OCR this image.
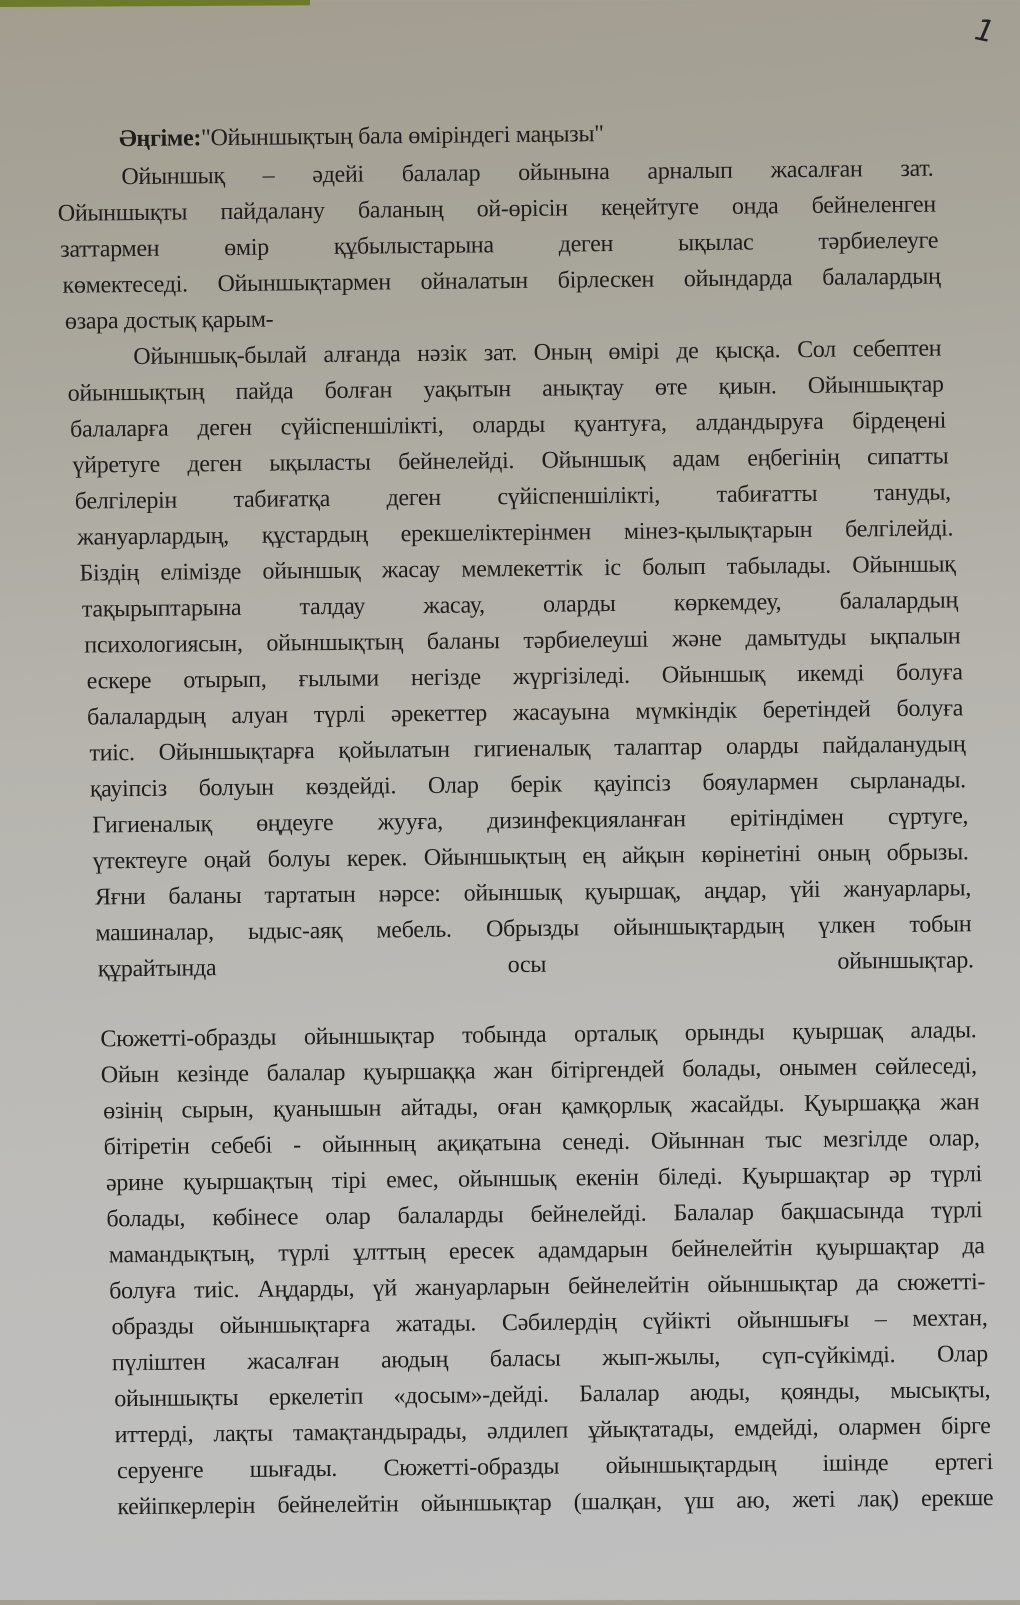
1
Әңгіме:"Ойыншықтың бала өміріндегі маңызы"
Ойыншық – әдейі балалар ойынына арналып жасалған зат.
Ойыншықты пайдалану баланың ой-өрісін кеңейтуге онда бейнеленген
заттармен өмір құбылыстарына деген ықылас тәрбиелеуге
көмектеседі. Ойыншықтармен ойналатын бірлескен ойындарда балалардың
өзара достық қарым-
Ойыншық-былай алғанда нәзік зат. Оның өмірі де қысқа. Сол себептен
ойыншықтың пайда болған уақытын анықтау өте қиын. Ойыншықтар
балаларға деген сүйіспеншілікті, оларды қуантуға, алдандыруға бірдеңені
үйретуге деген ықыласты бейнелейді. Ойыншық адам еңбегінің сипатты
белгілерін табиғатқа деген сүйіспеншілікті, табиғатты тануды,
жануарлардың, құстардың ерекшеліктерінмен мінез-қылықтарын белгілейді.
Біздің елімізде ойыншық жасау мемлекеттік іс болып табылады. Ойыншық
тақырыптарына талдау жасау, оларды көркемдеу, балалардың
психологиясын, ойыншықтың баланы тәрбиелеуші және дамытуды ықпалын
ескере отырып, ғылыми негізде жүргізіледі. Ойыншық икемді болуға
балалардың алуан түрлі әрекеттер жасауына мүмкіндік беретіндей болуға
тиіс. Ойыншықтарға қойылатын гигиеналық талаптар оларды пайдаланудың
қауіпсіз болуын көздейді. Олар берік қауіпсіз бояулармен сырланады.
Гигиеналық өңдеуге жууға, дизинфекцияланған ерітіндімен сүртуге,
үтектеуге оңай болуы керек. Ойыншықтың ең айқын көрінетіні оның обрызы.
Яғни баланы тартатын нәрсе: ойыншық қуыршақ, аңдар, үйі жануарлары,
машиналар, ыдыс-аяқ мебель. Обрызды ойыншықтардың үлкен тобын
құрайтында осы ойыншықтар.
Сюжетті-образды ойыншықтар тобында орталық орынды қуыршақ алады.
Ойын кезінде балалар қуыршаққа жан бітіргендей болады, онымен сөйлеседі,
өзінің сырын, қуанышын айтады, оған қамқорлық жасайды. Қуыршаққа жан
бітіретін себебі - ойынның ақиқатына сенеді. Ойыннан тыс мезгілде олар,
әрине қуыршақтың тірі емес, ойыншық екенін біледі. Қуыршақтар әр түрлі
болады, көбінесе олар балаларды бейнелейді. Балалар бақшасында түрлі
мамандықтың, түрлі ұлттың ересек адамдарын бейнелейтін қуыршақтар да
болуға тиіс. Аңдарды, үй жануарларын бейнелейтін ойыншықтар да сюжетті-
образды ойыншықтарға жатады. Сәбилердің сүйікті ойыншығы – мехтан,
пүліштен жасалған аюдың баласы жып-жылы, сүп-сүйкімді. Олар
ойыншықты еркелетіп «досым»-дейді. Балалар аюды, қоянды, мысықты,
иттерді, лақты тамақтандырады, әлдилеп ұйықтатады, емдейді, олармен бірге
серуенге шығады. Сюжетті-образды ойыншықтардың ішінде ертегі
кейіпкерлерін бейнелейтін ойыншықтар (шалқан, үш аю, жеті лақ) ерекше
